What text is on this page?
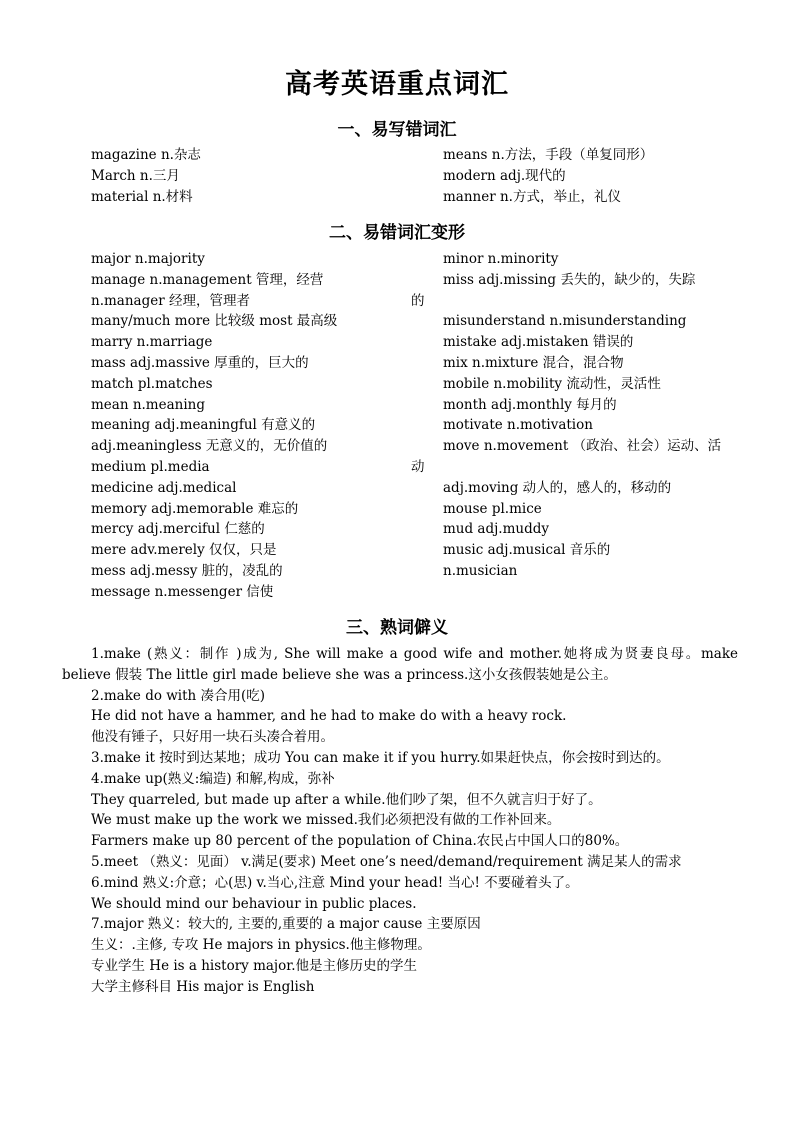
高考英语重点词汇
一、易写错词汇
magazine n.杂志
March n.三月
material n.材料
means n.方法，手段（单复同形）
modern adj.现代的
manner n.方式，举止，礼仪
二、易错词汇变形
major n.majority
manage n.management 管理，经营
n.manager 经理，管理者
many/much more 比较级 most 最高级
marry n.marriage
mass adj.massive 厚重的，巨大的
match pl.matches
mean n.meaning
meaning adj.meaningful 有意义的
adj.meaningless 无意义的，无价值的
medium pl.media
medicine adj.medical
memory adj.memorable 难忘的
mercy adj.merciful 仁慈的
mere adv.merely 仅仅，只是
mess adj.messy 脏的，凌乱的
message n.messenger 信使
minor n.minority
miss adj.missing 丢失的，缺少的，失踪
misunderstand n.misunderstanding
mistake adj.mistaken 错误的
mix n.mixture 混合，混合物
mobile n.mobility 流动性，灵活性
month adj.monthly 每月的
motivate n.motivation
move n.movement （政治、社会）运动、活
adj.moving 动人的，感人的，移动的
mouse pl.mice
mud adj.muddy
music adj.musical 音乐的
n.musician
的
动
三、熟词僻义
1.make (熟义：制作 )成为, She will make a good wife and mother.她将成为贤妻良母。make believe 假装 The little girl made believe she was a princess.这小女孩假装她是公主。
2.make do with 凑合用(吃)
He did not have a hammer, and he had to make do with a heavy rock.
他没有锤子，只好用一块石头凑合着用。
3.make it 按时到达某地；成功 You can make it if you hurry.如果赶快点，你会按时到达的。
4.make up(熟义:编造) 和解,构成，弥补
They quarreled, but made up after a while.他们吵了架，但不久就言归于好了。
We must make up the work we missed.我们必须把没有做的工作补回来。
Farmers make up 80 percent of the population of China.农民占中国人口的80%。
5.meet （熟义：见面） v.满足(要求) Meet one’s need/demand/requirement 满足某人的需求
6.mind 熟义:介意；心(思) v.当心,注意 Mind your head! 当心! 不要碰着头了。
We should mind our behaviour in public places.
7.major 熟义：较大的, 主要的,重要的 a major cause 主要原因
生义：.主修, 专攻 He majors in physics.他主修物理。
专业学生 He is a history major.他是主修历史的学生
大学主修科目 His major is English
